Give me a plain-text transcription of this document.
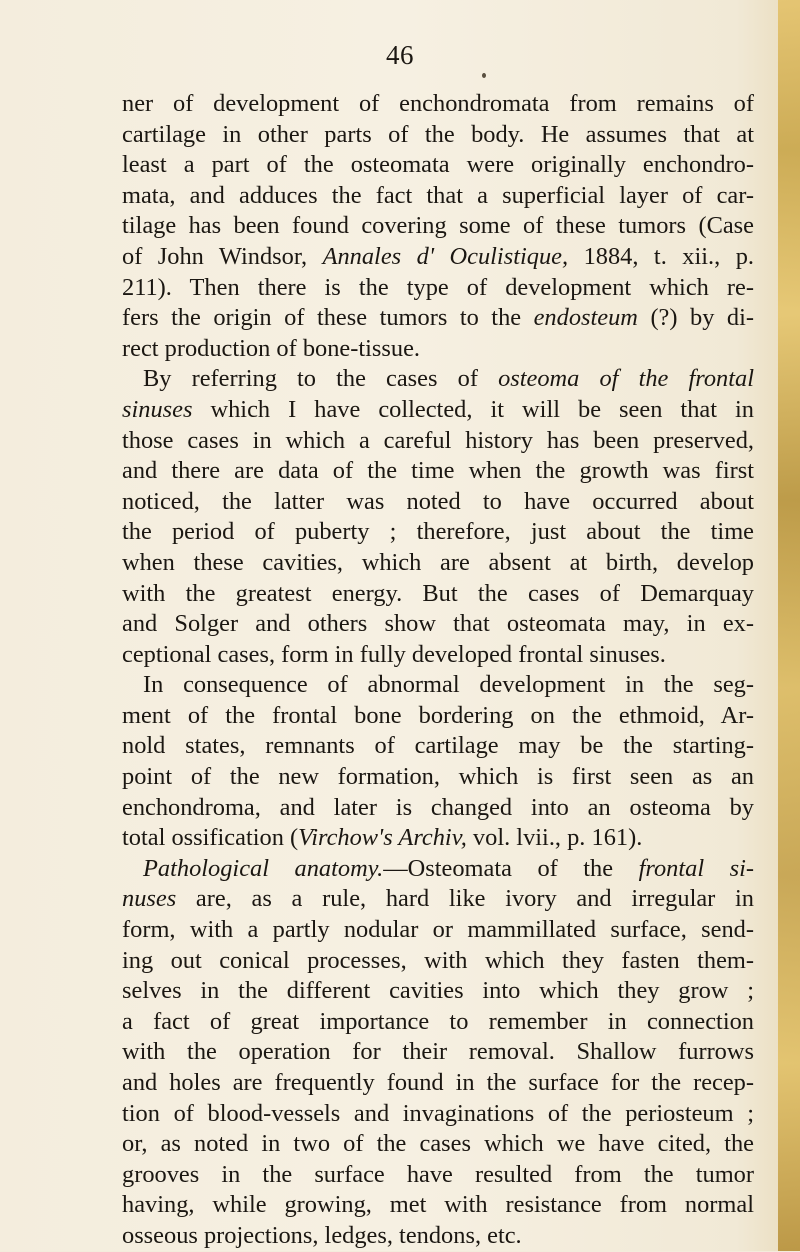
46
ner of development of enchondromata from remains of
cartilage in other parts of the body. He assumes that at
least a part of the osteomata were originally enchondro-
mata, and adduces the fact that a superficial layer of car-
tilage has been found covering some of these tumors (Case
of John Windsor, Annales d' Oculistique, 1884, t. xii., p.
211). Then there is the type of development which re-
fers the origin of these tumors to the endosteum (?) by di-
rect production of bone-tissue.
By referring to the cases of osteoma of the frontal
sinuses which I have collected, it will be seen that in
those cases in which a careful history has been preserved,
and there are data of the time when the growth was first
noticed, the latter was noted to have occurred about
the period of puberty ; therefore, just about the time
when these cavities, which are absent at birth, develop
with the greatest energy. But the cases of Demarquay
and Solger and others show that osteomata may, in ex-
ceptional cases, form in fully developed frontal sinuses.
In consequence of abnormal development in the seg-
ment of the frontal bone bordering on the ethmoid, Ar-
nold states, remnants of cartilage may be the starting-
point of the new formation, which is first seen as an
enchondroma, and later is changed into an osteoma by
total ossification (Virchow's Archiv, vol. lvii., p. 161).
Pathological anatomy.—Osteomata of the frontal si-
nuses are, as a rule, hard like ivory and irregular in
form, with a partly nodular or mammillated surface, send-
ing out conical processes, with which they fasten them-
selves in the different cavities into which they grow ;
a fact of great importance to remember in connection
with the operation for their removal. Shallow furrows
and holes are frequently found in the surface for the recep-
tion of blood-vessels and invaginations of the periosteum ;
or, as noted in two of the cases which we have cited, the
grooves in the surface have resulted from the tumor
having, while growing, met with resistance from normal
osseous projections, ledges, tendons, etc.
